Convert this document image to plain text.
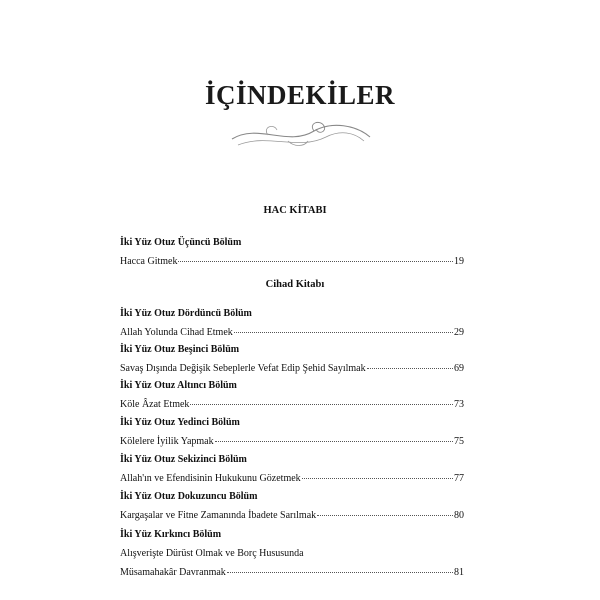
İÇİNDEKİLER
HAC KİTABI
İki Yüz Otuz Üçüncü Bölüm
Hacca Gitmek	19
Cihad Kitabı
İki Yüz Otuz Dördüncü Bölüm
Allah Yolunda Cihad Etmek	29
İki Yüz Otuz Beşinci Bölüm
Savaş Dışında Değişik Sebeplerle Vefat Edip Şehid Sayılmak	69
İki Yüz Otuz Altıncı Bölüm
Köle Âzat Etmek	73
İki Yüz Otuz Yedinci Bölüm
Kölelere İyilik Yapmak	75
İki Yüz Otuz Sekizinci Bölüm
Allah'ın ve Efendisinin Hukukunu Gözetmek	77
İki Yüz Otuz Dokuzuncu Bölüm
Kargaşalar ve Fitne Zamanında İbadete Sarılmak	80
İki Yüz Kırkıncı Bölüm
Alışverişte Dürüst Olmak ve Borç Hususunda
Müsamahakâr Davranmak	81
